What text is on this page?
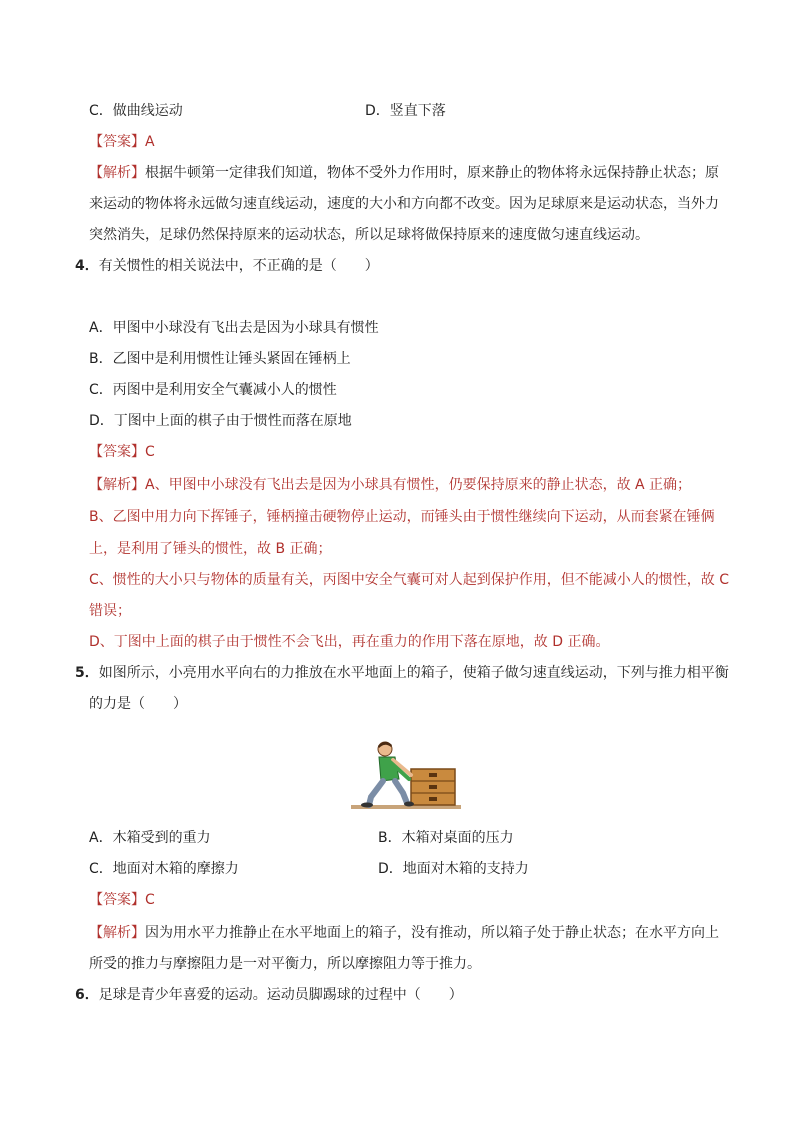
C．做曲线运动	D．竖直下落
【答案】A
【解析】根据牛顿第一定律我们知道，物体不受外力作用时，原来静止的物体将永远保持静止状态；原
来运动的物体将永远做匀速直线运动，速度的大小和方向都不改变。因为足球原来是运动状态，当外力
突然消失，足球仍然保持原来的运动状态，所以足球将做保持原来的速度做匀速直线运动。
4．有关惯性的相关说法中，不正确的是（　　）
A．甲图中小球没有飞出去是因为小球具有惯性
B．乙图中是利用惯性让锤头紧固在锤柄上
C．丙图中是利用安全气囊减小人的惯性
D．丁图中上面的棋子由于惯性而落在原地
【答案】C
【解析】A、甲图中小球没有飞出去是因为小球具有惯性，仍要保持原来的静止状态，故 A 正确；
B、乙图中用力向下挥锤子，锤柄撞击硬物停止运动，而锤头由于惯性继续向下运动，从而套紧在锤俩
上，是利用了锤头的惯性，故 B 正确；
C、惯性的大小只与物体的质量有关，丙图中安全气囊可对人起到保护作用，但不能减小人的惯性，故 C
错误；
D、丁图中上面的棋子由于惯性不会飞出，再在重力的作用下落在原地，故 D 正确。
5．如图所示，小亮用水平向右的力推放在水平地面上的箱子，使箱子做匀速直线运动，下列与推力相平衡
的力是（　　）
A．木箱受到的重力	B．木箱对桌面的压力
C．地面对木箱的摩擦力	D．地面对木箱的支持力
【答案】C
【解析】因为用水平力推静止在水平地面上的箱子，没有推动，所以箱子处于静止状态；在水平方向上
所受的推力与摩擦阻力是一对平衡力，所以摩擦阻力等于推力。
6．足球是青少年喜爱的运动。运动员脚踢球的过程中（　　）
